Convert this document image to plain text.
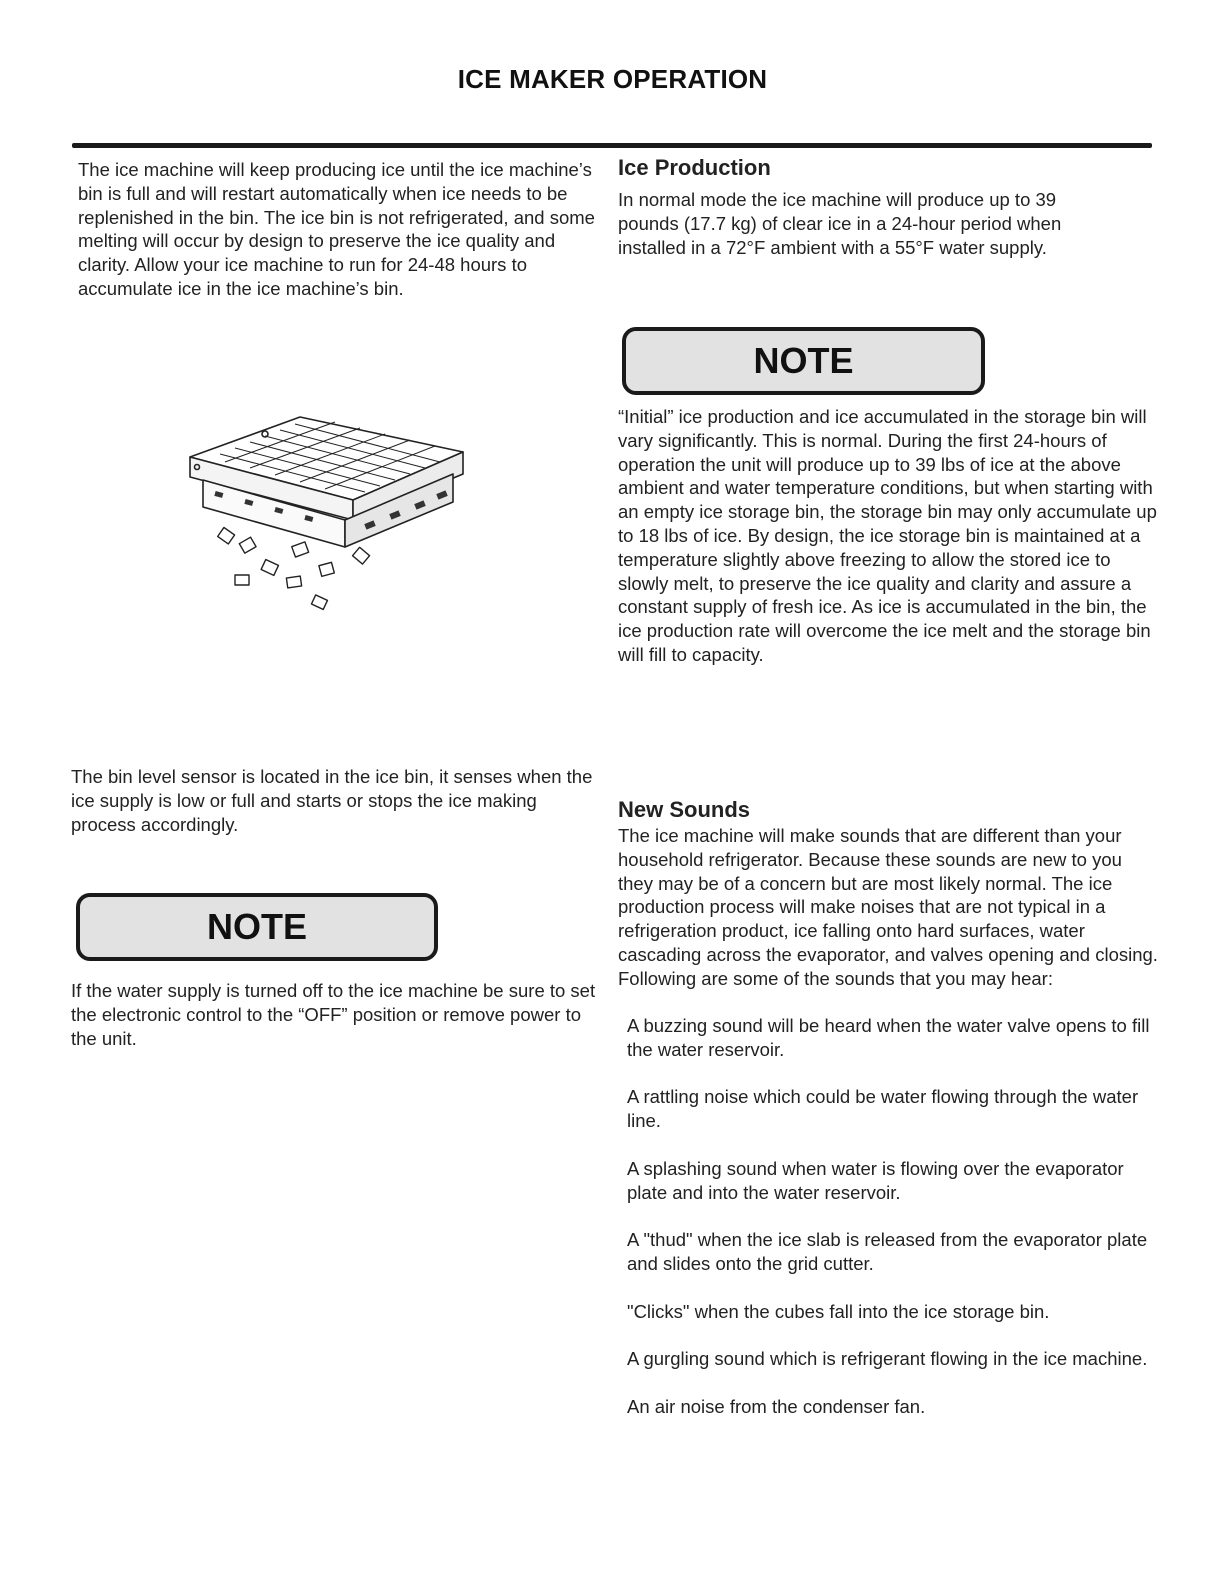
ICE MAKER OPERATION

The ice machine will keep producing ice until the ice machine’s bin is full and will restart automatically when ice needs to be replenished in the bin. The ice bin is not refrigerated, and some melting will occur by design to preserve the ice quality and clarity. Allow your ice machine to run for 24-48 hours to accumulate ice in the ice machine’s bin.

The bin level sensor is located in the ice bin, it senses when the ice supply is low or full and starts or stops the ice making process accordingly.

NOTE

If the water supply is turned off to the ice machine be sure to set the electronic control to the “OFF” position or remove power to the unit.

Ice Production

In normal mode the ice machine will produce up to 39 pounds (17.7 kg) of clear ice in a 24-hour period when installed in a 72°F ambient with a 55°F water supply.

NOTE

“Initial” ice production and ice accumulated in the storage bin will vary significantly. This is normal. During the first 24-hours of operation the unit will produce up to 39 lbs of ice at the above ambient and water temperature conditions, but when starting with an empty ice storage bin, the storage bin may only accumulate up to 18 lbs of ice. By design, the ice storage bin is maintained at a temperature slightly above freezing to allow the stored ice to slowly melt, to preserve the ice quality and clarity and assure a constant supply of fresh ice. As ice is accumulated in the bin, the ice production rate will overcome the ice melt and the storage bin will fill to capacity.

New Sounds

The ice machine will make sounds that are different than your household refrigerator. Because these sounds are new to you they may be of a concern but are most likely normal. The ice production process will make noises that are not typical in a refrigeration product, ice falling onto hard surfaces, water cascading across the evaporator, and valves opening and closing. Following are some of the sounds that you may hear:

A buzzing sound will be heard when the water valve opens to fill the water reservoir.
A rattling noise which could be water flowing through the water line.
A splashing sound when water is flowing over the evaporator plate and into the water reservoir.
A "thud" when the ice slab is released from the evaporator plate and slides onto the grid cutter.
"Clicks" when the cubes fall into the ice storage bin.
A gurgling sound which is refrigerant flowing in the ice machine.
An air noise from the condenser fan.
